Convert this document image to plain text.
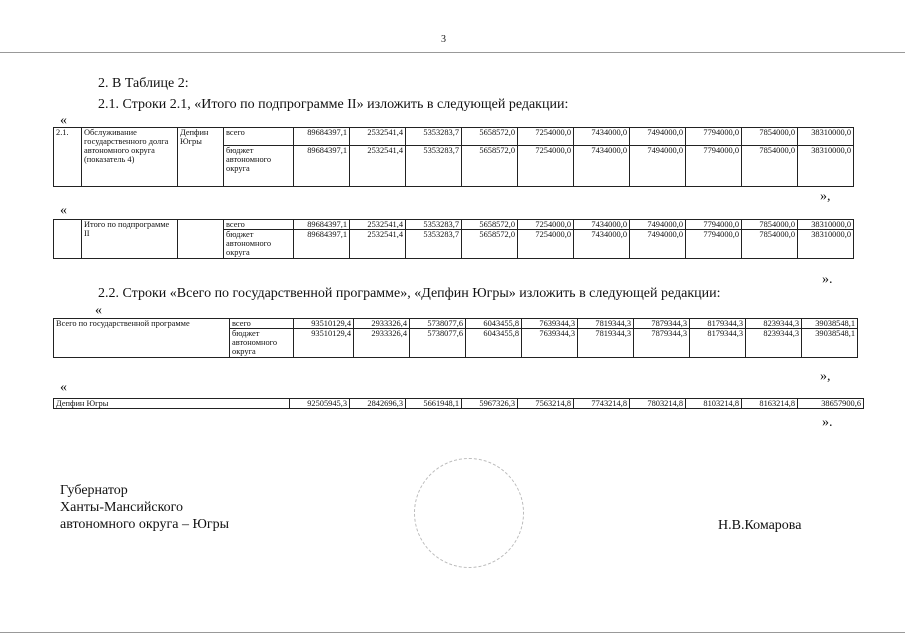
3
2. В Таблице 2:
2.1. Строки 2.1, «Итого по подпрограмме II» изложить в следующей редакции:
«
2.1.	Обслуживание государственного долга автономного округа (показатель 4)	Депфин Югры	всего	89684397,1	2532541,4	5353283,7	5658572,0	7254000,0	7434000,0	7494000,0	7794000,0	7854000,0	38310000,0
			бюджет автономного округа	89684397,1	2532541,4	5353283,7	5658572,0	7254000,0	7434000,0	7494000,0	7794000,0	7854000,0	38310000,0
»,
«
	Итого по подпрограмме II		всего	89684397,1	2532541,4	5353283,7	5658572,0	7254000,0	7434000,0	7494000,0	7794000,0	7854000,0	38310000,0
			бюджет автономного округа	89684397,1	2532541,4	5353283,7	5658572,0	7254000,0	7434000,0	7494000,0	7794000,0	7854000,0	38310000,0
».
2.2. Строки «Всего по государственной программе», «Депфин Югры» изложить в следующей редакции:
«
Всего по государственной программе	всего	93510129,4	2933326,4	5738077,6	6043455,8	7639344,3	7819344,3	7879344,3	8179344,3	8239344,3	39038548,1
	бюджет автономного округа	93510129,4	2933326,4	5738077,6	6043455,8	7639344,3	7819344,3	7879344,3	8179344,3	8239344,3	39038548,1
»,
«
Депфин Югры	92505945,3	2842696,3	5661948,1	5967326,3	7563214,8	7743214,8	7803214,8	8103214,8	8163214,8	38657900,6
».
Губернатор
Ханты-Мансийского
автономного округа – Югры	Н.В.Комарова
